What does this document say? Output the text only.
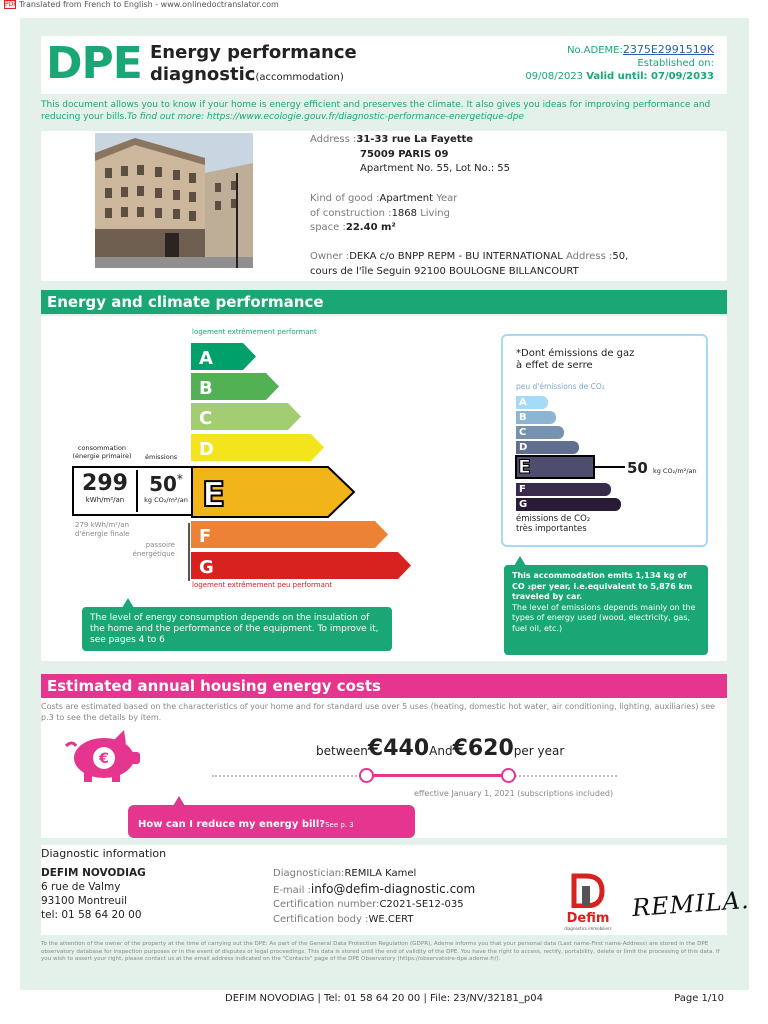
PDF Translated from French to English - www.onlinedoctranslator.com
DPE Energy performance
diagnostic(accommodation)
No.ADEME:2375E2991519K
Established on:
09/08/2023 Valid until: 07/09/2033
This document allows you to know if your home is energy efficient and preserves the climate. It also gives you ideas for improving performance and reducing your bills.To find out more: https://www.ecologie.gouv.fr/diagnostic-performance-energetique-dpe
Address :31-33 rue La Fayette
75009 PARIS 09
Apartment No. 55, Lot No.: 55
Kind of good :Apartment Year
of construction :1868 Living
space :22.40 m²
Owner :DEKA c/o BNPP REPM - BU INTERNATIONAL Address :50,
cours de l'île Seguin 92100 BOULOGNE BILLANCOURT
Energy and climate performance
logement extrêmement performant
A
B
C
D
F
G
logement extrêmement peu performant
consommation
(énergie primaire) émissions
299
kWh/m²/an
50*
kg CO₂/m²/an E
279 kWh/m²/an
d'énergie finale
passoire
énergétique
*Dont émissions de gaz
à effet de serre
peu d'émissions de CO₂
A
B
C
D
F
G
E	50 kg CO₂/m²/an
émissions de CO₂
très importantes
The level of energy consumption depends on the insulation of the home and the performance of the equipment. To improve it, see pages 4 to 6
This accommodation emits 1,134 kg of CO ₂per year, i.e.equivalent to 5,876 km traveled by car.
The level of emissions depends mainly on the types of energy used (wood, electricity, gas, fuel oil, etc.)
Estimated annual housing energy costs
Costs are estimated based on the characteristics of your home and for standard use over 5 uses (heating, domestic hot water, air conditioning, lighting, auxiliaries) see p.3 to see the details by item.
€	between€440And€620per year
effective January 1, 2021 (subscriptions included)
How can I reduce my energy bill?See p. 3
Diagnostic information
DEFIM NOVODIAG
6 rue de Valmy
93100 Montreuil
tel: 01 58 64 20 00
Diagnostician:REMILA Kamel
E-mail :info@defim-diagnostic.com
Certification number:C2021-SE12-035
Certification body :WE.CERT	Defim
diagnostics immobiliers
REMILA.
To the attention of the owner of the property at the time of carrying out the DPE: As part of the General Data Protection Regulation (GDPR), Ademe informs you that your personal data (Last name-First name-Address) are stored in the DPE observatory database for inspection purposes or in the event of disputes or legal proceedings. This data is stored until the end of validity of the DPE. You have the right to access, rectify, portability, delete or limit the processing of this data. If you wish to assert your right, please contact us at the email address indicated on the "Contacts" page of the DPE Observatory (https://observatoire-dpe.ademe.fr/).
DEFIM NOVODIAG | Tel: 01 58 64 20 00 | File: 23/NV/32181_p04	Page 1/10
